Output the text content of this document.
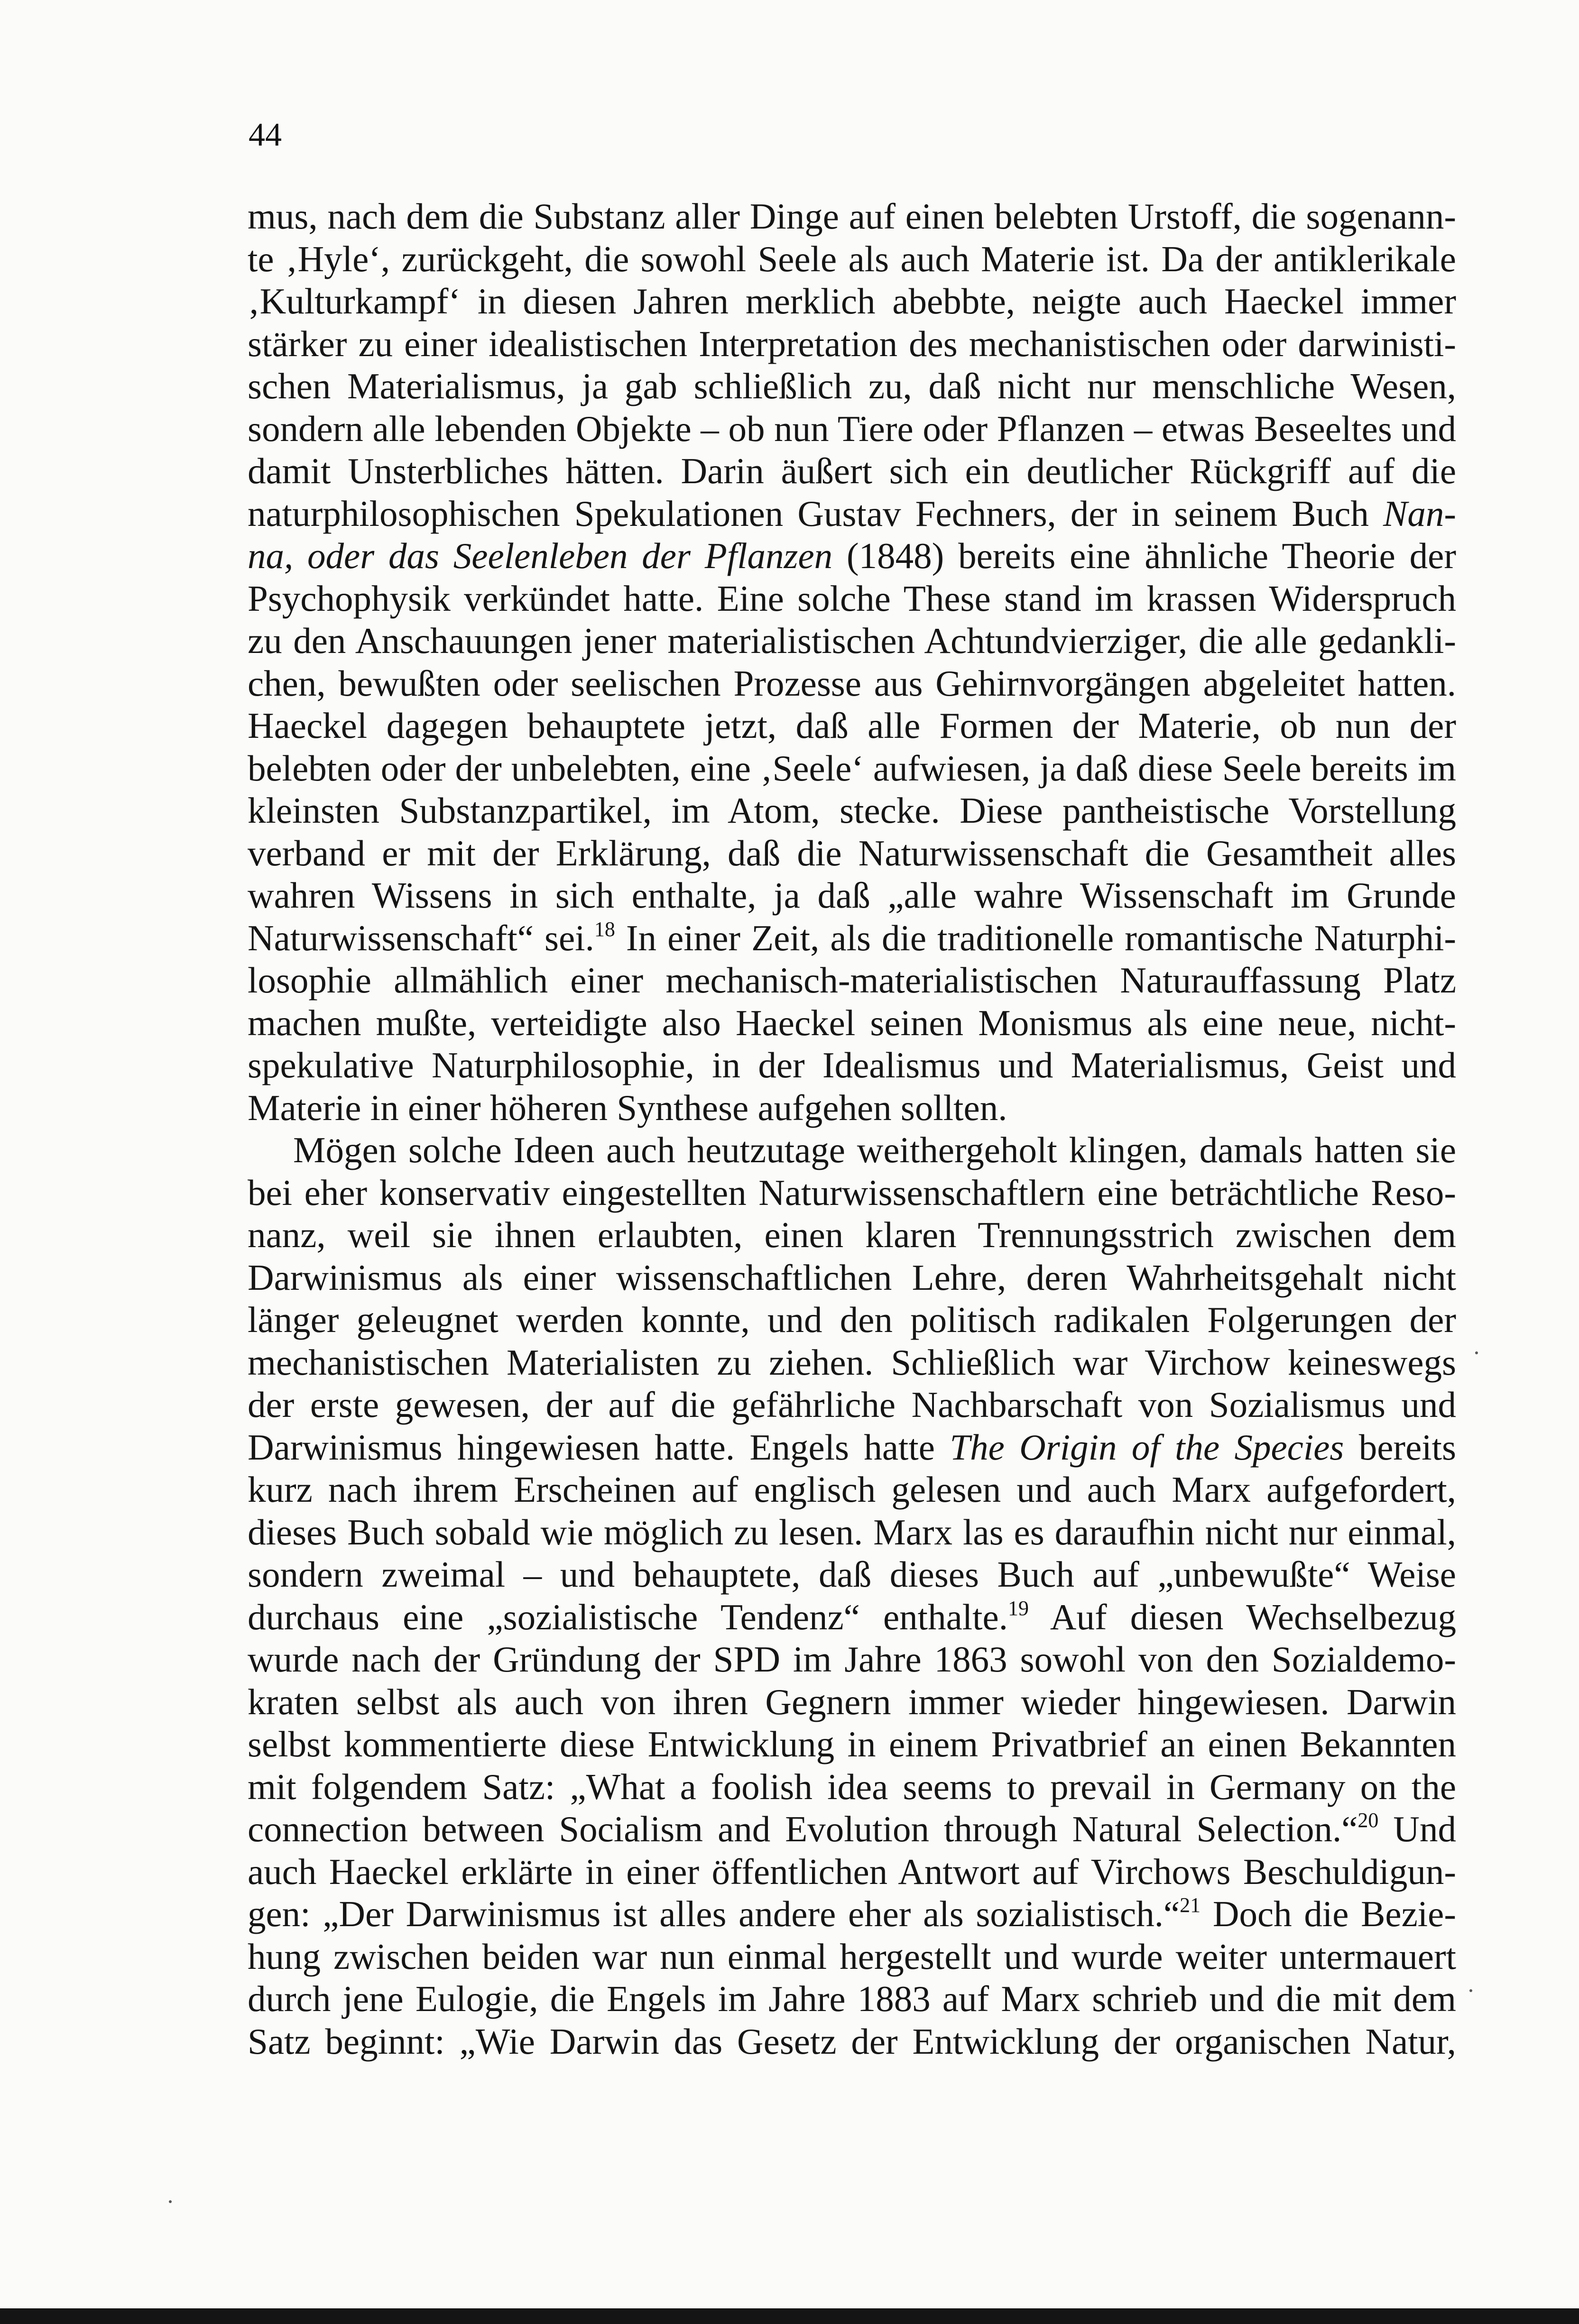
44
mus, nach dem die Substanz aller Dinge auf einen belebten Urstoff, die sogenann-
te ‚Hyle‘, zurückgeht, die sowohl Seele als auch Materie ist. Da der antiklerikale
‚Kulturkampf‘ in diesen Jahren merklich abebbte, neigte auch Haeckel immer
stärker zu einer idealistischen Interpretation des mechanistischen oder darwinisti-
schen Materialismus, ja gab schließlich zu, daß nicht nur menschliche Wesen,
sondern alle lebenden Objekte – ob nun Tiere oder Pflanzen – etwas Beseeltes und
damit Unsterbliches hätten. Darin äußert sich ein deutlicher Rückgriff auf die
naturphilosophischen Spekulationen Gustav Fechners, der in seinem Buch Nan-
na, oder das Seelenleben der Pflanzen (1848) bereits eine ähnliche Theorie der
Psychophysik verkündet hatte. Eine solche These stand im krassen Widerspruch
zu den Anschauungen jener materialistischen Achtundvierziger, die alle gedankli-
chen, bewußten oder seelischen Prozesse aus Gehirnvorgängen abgeleitet hatten.
Haeckel dagegen behauptete jetzt, daß alle Formen der Materie, ob nun der
belebten oder der unbelebten, eine ‚Seele‘ aufwiesen, ja daß diese Seele bereits im
kleinsten Substanzpartikel, im Atom, stecke. Diese pantheistische Vorstellung
verband er mit der Erklärung, daß die Naturwissenschaft die Gesamtheit alles
wahren Wissens in sich enthalte, ja daß „alle wahre Wissenschaft im Grunde
Naturwissenschaft“ sei.$^{18}$ In einer Zeit, als die traditionelle romantische Naturphi-
losophie allmählich einer mechanisch-materialistischen Naturauffassung Platz
machen mußte, verteidigte also Haeckel seinen Monismus als eine neue, nicht-
spekulative Naturphilosophie, in der Idealismus und Materialismus, Geist und
Materie in einer höheren Synthese aufgehen sollten.
Mögen solche Ideen auch heutzutage weithergeholt klingen, damals hatten sie
bei eher konservativ eingestellten Naturwissenschaftlern eine beträchtliche Reso-
nanz, weil sie ihnen erlaubten, einen klaren Trennungsstrich zwischen dem
Darwinismus als einer wissenschaftlichen Lehre, deren Wahrheitsgehalt nicht
länger geleugnet werden konnte, und den politisch radikalen Folgerungen der
mechanistischen Materialisten zu ziehen. Schließlich war Virchow keineswegs
der erste gewesen, der auf die gefährliche Nachbarschaft von Sozialismus und
Darwinismus hingewiesen hatte. Engels hatte The Origin of the Species bereits
kurz nach ihrem Erscheinen auf englisch gelesen und auch Marx aufgefordert,
dieses Buch sobald wie möglich zu lesen. Marx las es daraufhin nicht nur einmal,
sondern zweimal – und behauptete, daß dieses Buch auf „unbewußte“ Weise
durchaus eine „sozialistische Tendenz“ enthalte.$^{19}$ Auf diesen Wechselbezug
wurde nach der Gründung der SPD im Jahre 1863 sowohl von den Sozialdemo-
kraten selbst als auch von ihren Gegnern immer wieder hingewiesen. Darwin
selbst kommentierte diese Entwicklung in einem Privatbrief an einen Bekannten
mit folgendem Satz: „What a foolish idea seems to prevail in Germany on the
connection between Socialism and Evolution through Natural Selection.“$^{20}$ Und
auch Haeckel erklärte in einer öffentlichen Antwort auf Virchows Beschuldigun-
gen: „Der Darwinismus ist alles andere eher als sozialistisch.“$^{21}$ Doch die Bezie-
hung zwischen beiden war nun einmal hergestellt und wurde weiter untermauert
durch jene Eulogie, die Engels im Jahre 1883 auf Marx schrieb und die mit dem
Satz beginnt: „Wie Darwin das Gesetz der Entwicklung der organischen Natur,
